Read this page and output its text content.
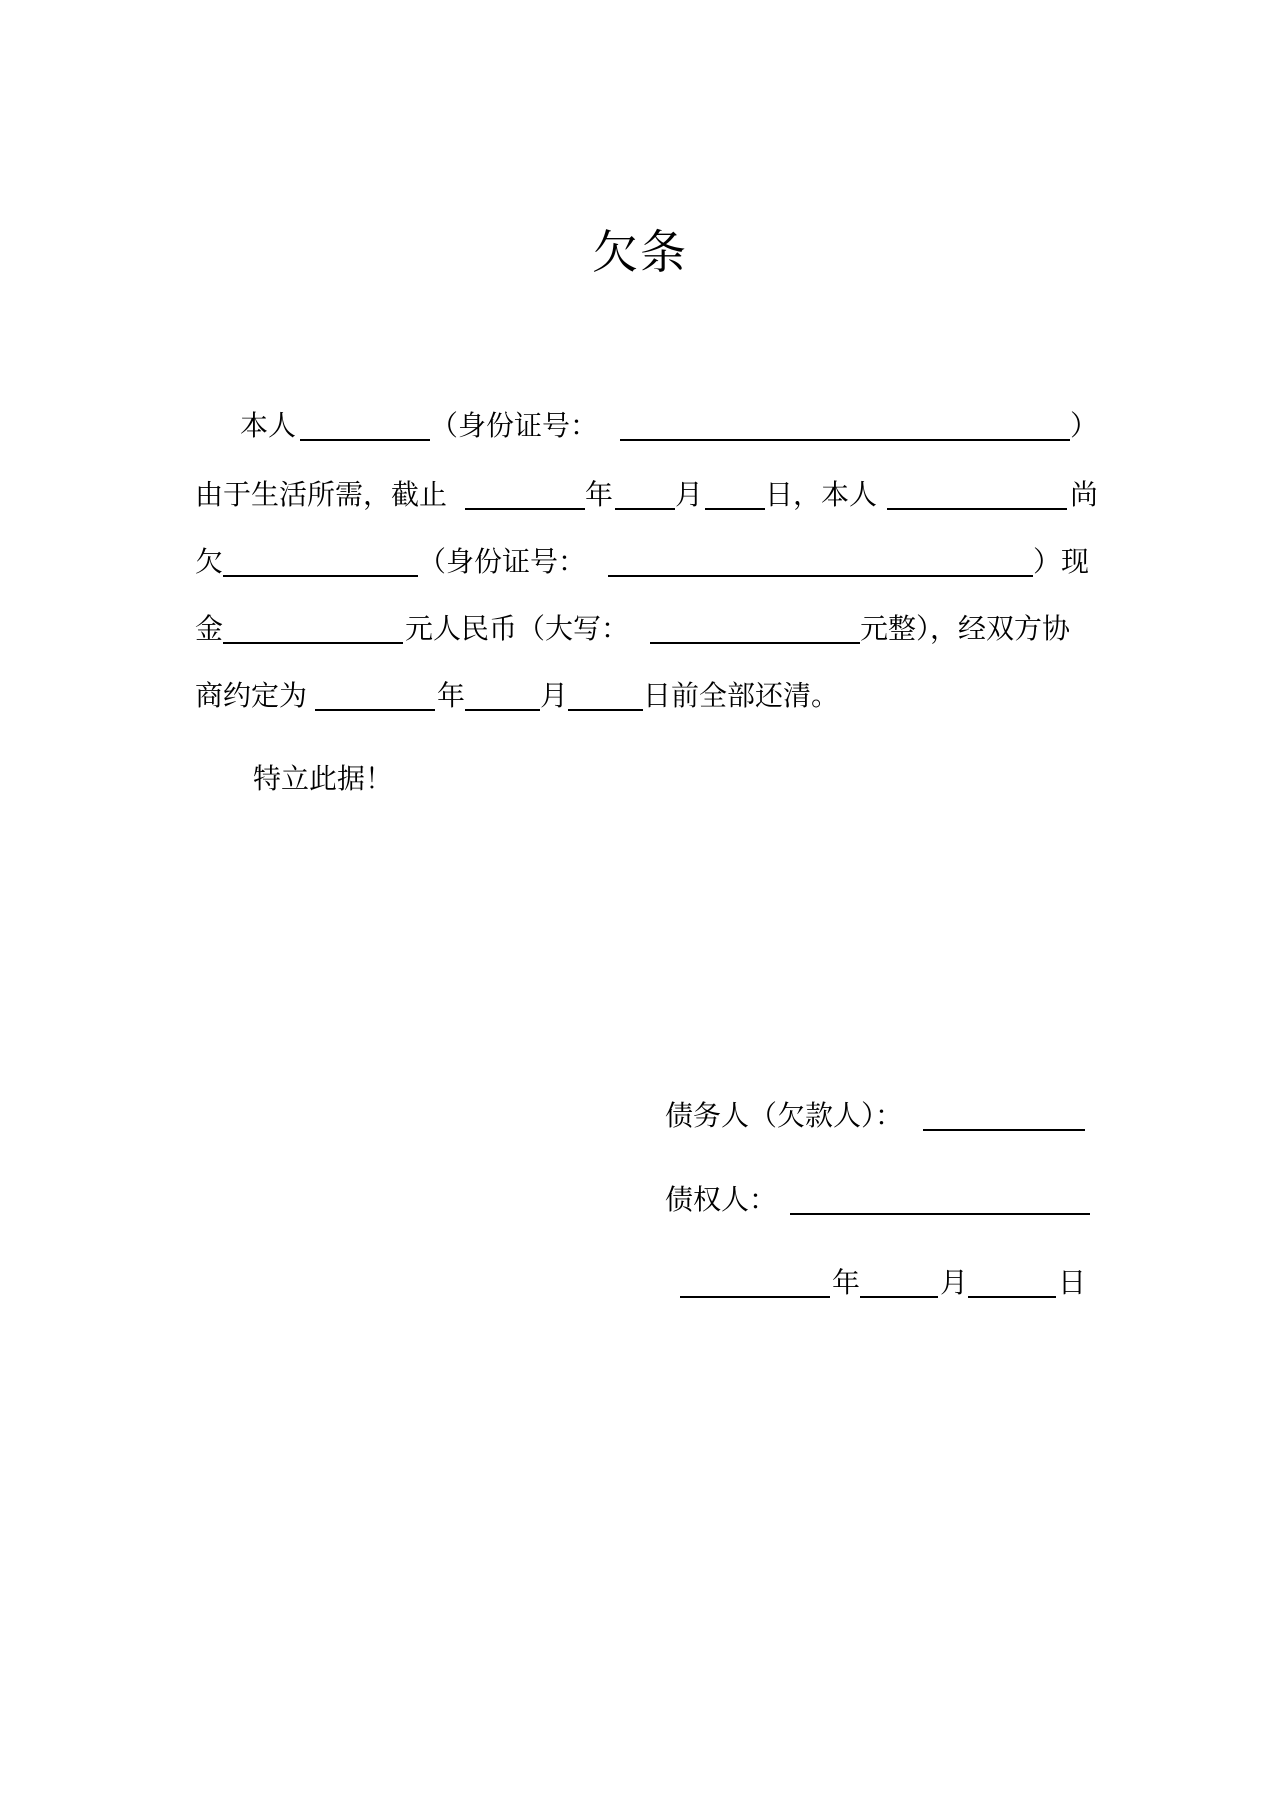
欠条
本人	（身份证号：	）
由于生活所需，截止	年 月 日，本人	尚
欠	（身份证号：	）现
金	元人民币（大写：	元整），经双方协
商约定为	年	月	日前全部还清。
特立此据！
债务人（欠款人）：
债权人：
年	月	日
